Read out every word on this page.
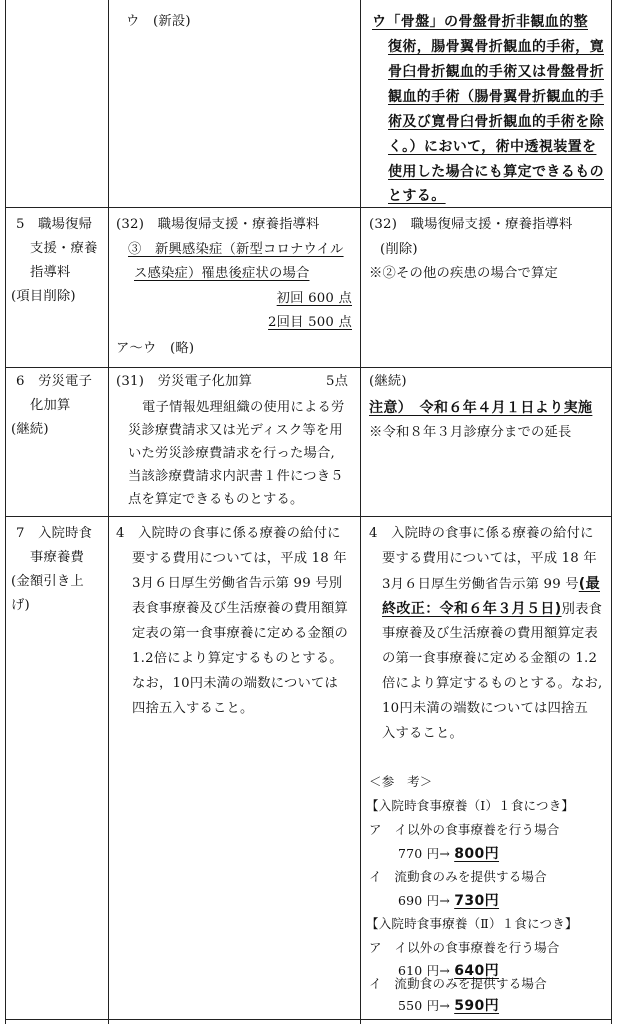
ウ　(新設)	ウ「骨盤」の骨盤骨折非観血的整
復術，腸骨翼骨折観血的手術，寛
骨臼骨折観血的手術又は骨盤骨折
観血的手術（腸骨翼骨折観血的手
術及び寛骨臼骨折観血的手術を除
く。）において，術中透視装置を
使用した場合にも算定できるもの
とする。
5　職場復帰
支援・療養
指導料
(項目削除)
(32)　職場復帰支援・療養指導料
③　新興感染症（新型コロナウイル
ス感染症）罹患後症状の場合
初回 600 点
2回目 500 点
ア～ウ　(略)
(32)　職場復帰支援・療養指導料
(削除)
※②その他の疾患の場合で算定
6　労災電子
化加算
(継続)
(31)　労災電子化加算	5点
電子情報処理組織の使用による労
災診療費請求又は光ディスク等を用
いた労災診療費請求を行った場合,
当該診療費請求内訳書１件につき５
点を算定できるものとする。
(継続)
注意）　令和６年４月１日より実施
※令和８年３月診療分までの延長
7　入院時食
事療養費
(金額引き上
げ)
4　入院時の食事に係る療養の給付に
要する費用については，平成 18 年
3月６日厚生労働省告示第 99 号別
表食事療養及び生活療養の費用額算
定表の第一食事療養に定める金額の
1.2倍により算定するものとする。
なお，10円未満の端数については
四捨五入すること。
4　入院時の食事に係る療養の給付に
要する費用については，平成 18 年
3月６日厚生労働省告示第 99 号(最
終改正：令和６年３月５日)別表食
事療養及び生活療養の費用額算定表
の第一食事療養に定める金額の 1.2
倍により算定するものとする。なお,
10円未満の端数については四捨五
入すること。
＜参　考＞
【入院時食事療養（Ⅰ）１食につき】
ア　イ以外の食事療養を行う場合
770 円→ 800円
イ　流動食のみを提供する場合
690 円→ 730円
【入院時食事療養（Ⅱ）１食につき】
ア　イ以外の食事療養を行う場合
610 円→ 640円
イ　流動食のみを提供する場合
550 円→ 590円
